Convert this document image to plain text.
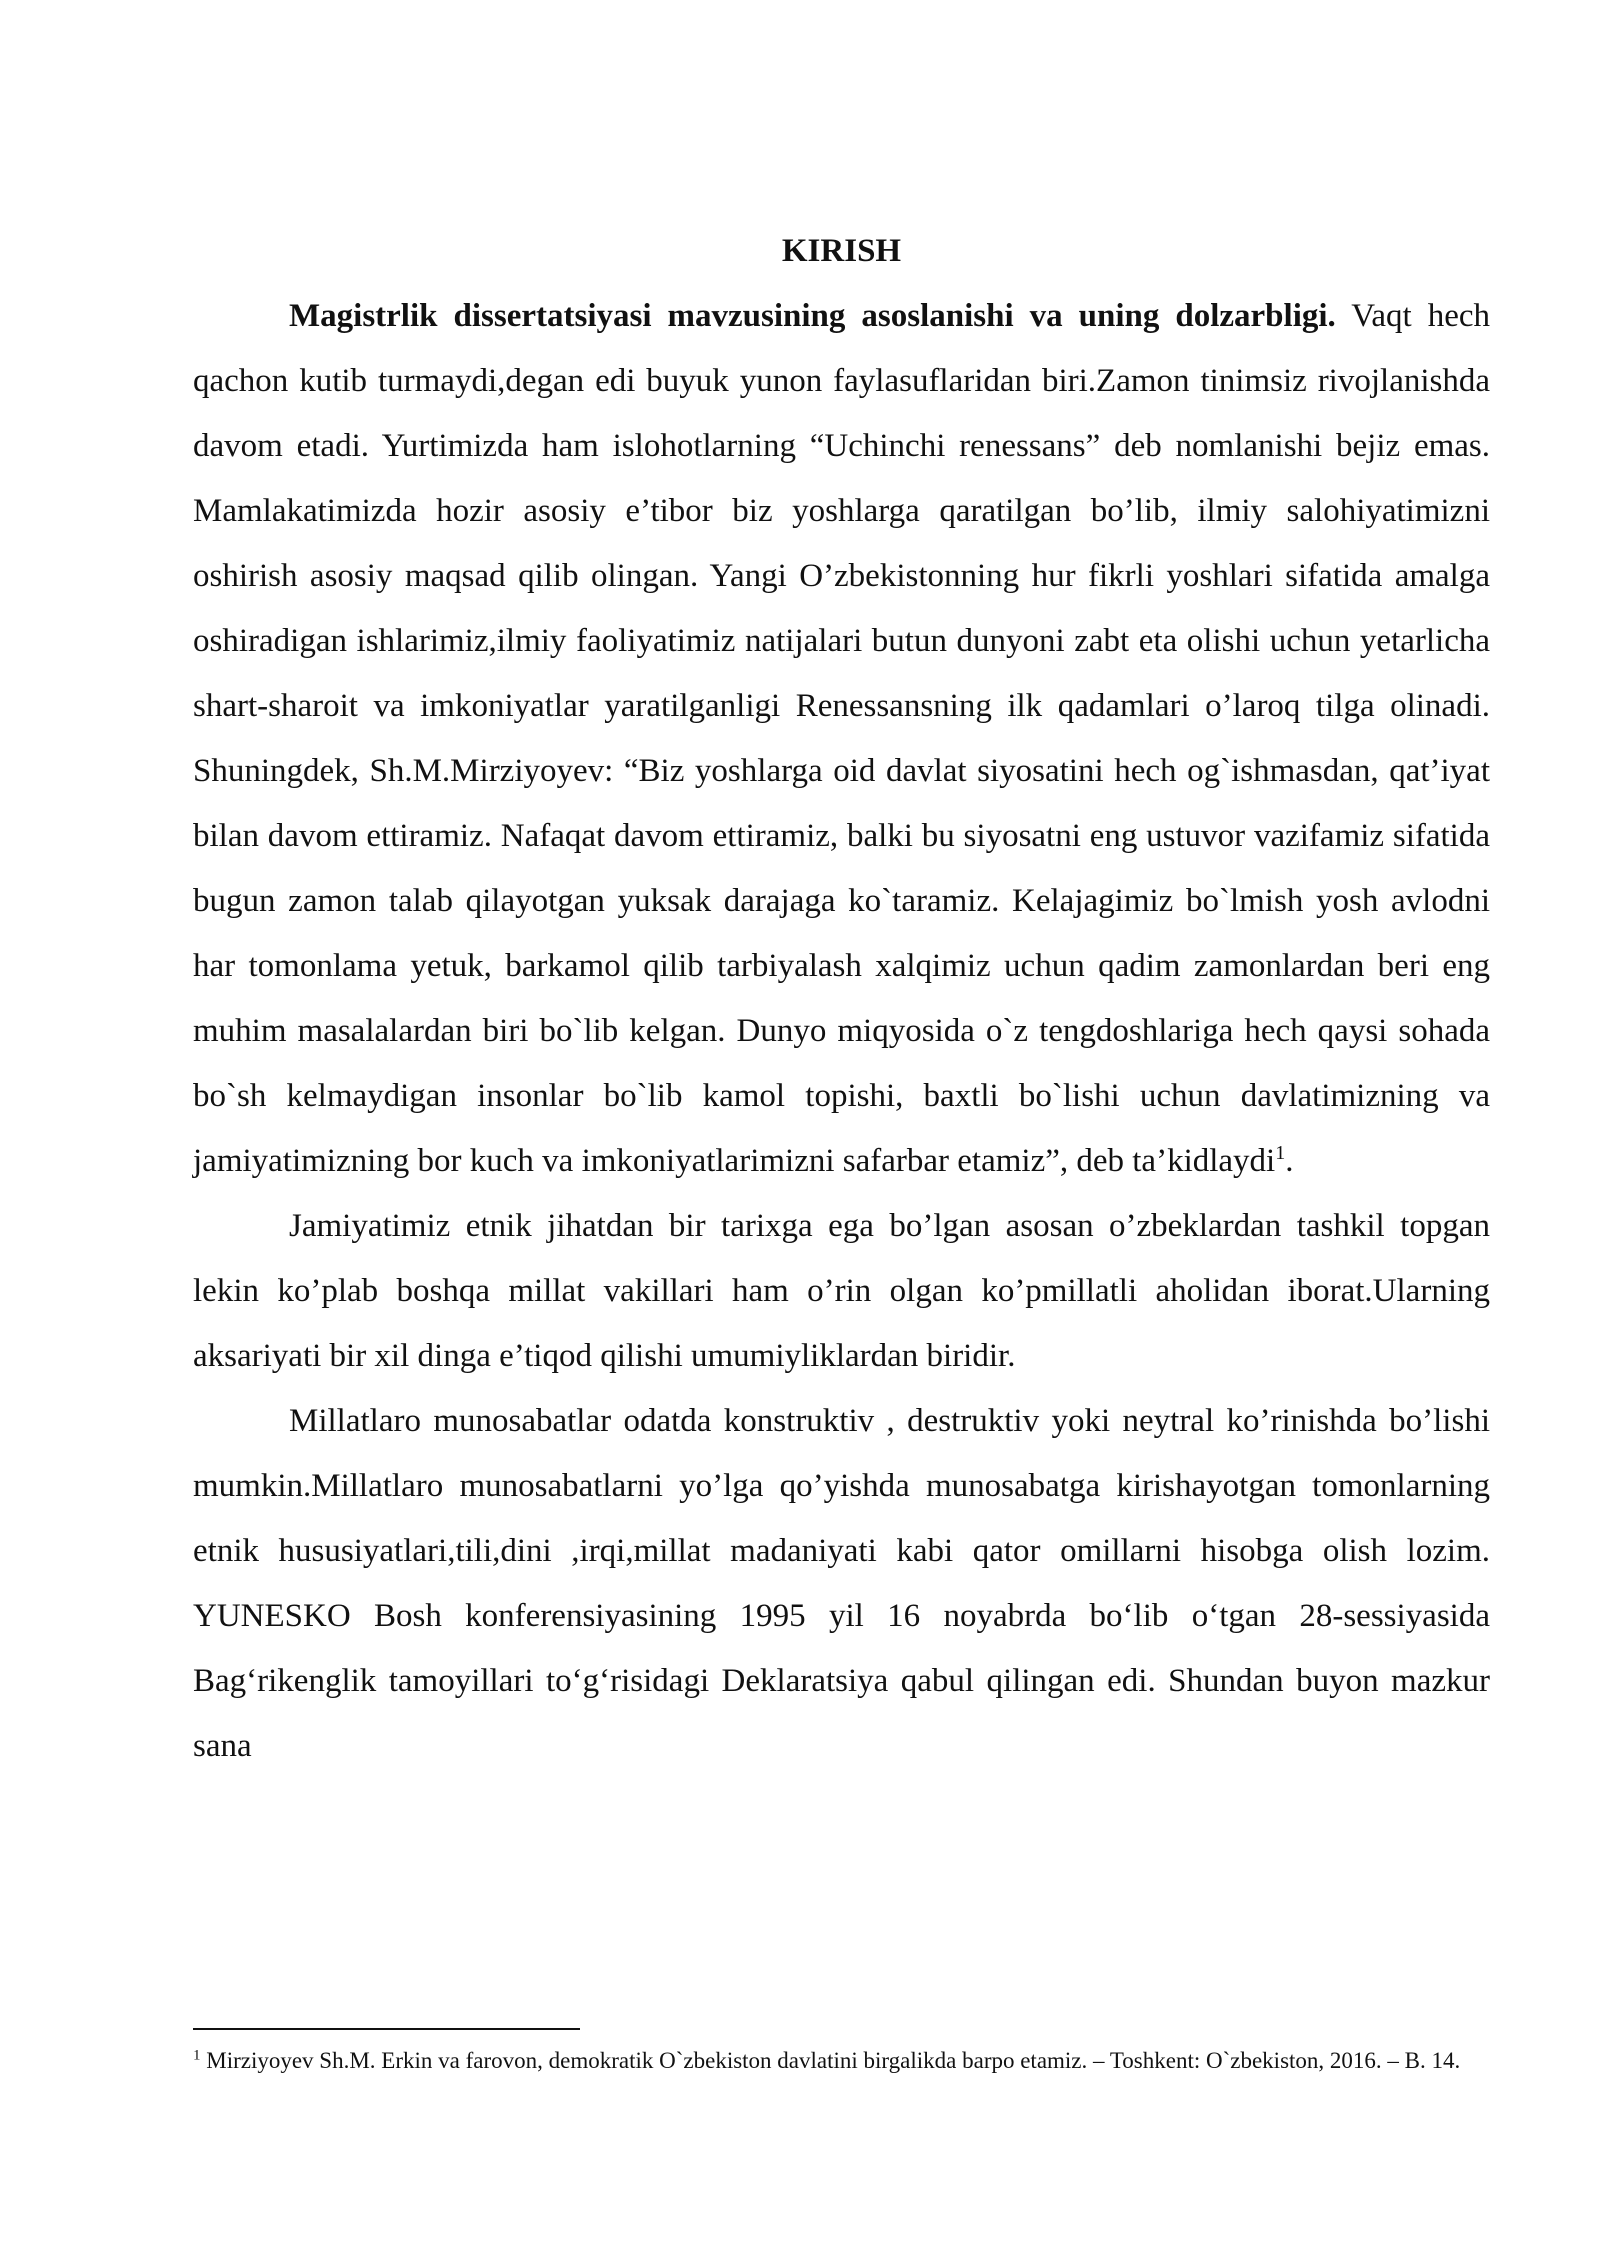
KIRISH

Magistrlik dissertatsiyasi mavzusining asoslanishi va uning dolzarbligi. Vaqt hech qachon kutib turmaydi,degan edi buyuk yunon faylasuflaridan biri.Zamon tinimsiz rivojlanishda davom etadi. Yurtimizda ham islohotlarning “Uchinchi renessans” deb nomlanishi bejiz emas. Mamlakatimizda hozir asosiy e’tibor biz yoshlarga qaratilgan bo’lib, ilmiy salohiyatimizni oshirish asosiy maqsad qilib olingan. Yangi O’zbekistonning hur fikrli yoshlari sifatida amalga oshiradigan ishlarimiz,ilmiy faoliyatimiz natijalari butun dunyoni zabt eta olishi uchun yetarlicha shart-sharoit va imkoniyatlar yaratilganligi Renessansning ilk qadamlari o’laroq tilga olinadi. Shuningdek, Sh.M.Mirziyoyev: “Biz yoshlarga oid davlat siyosatini hech og`ishmasdan, qat’iyat bilan davom ettiramiz. Nafaqat davom ettiramiz, balki bu siyosatni eng ustuvor vazifamiz sifatida bugun zamon talab qilayotgan yuksak darajaga ko`taramiz. Kelajagimiz bo`lmish yosh avlodni har tomonlama yetuk, barkamol qilib tarbiyalash xalqimiz uchun qadim zamonlardan beri eng muhim masalalardan biri bo`lib kelgan. Dunyo miqyosida o`z tengdoshlariga hech qaysi sohada bo`sh kelmaydigan insonlar bo`lib kamol topishi, baxtli bo`lishi uchun davlatimizning va jamiyatimizning bor kuch va imkoniyatlarimizni safarbar etamiz”, deb ta’kidlaydi$^1$.

Jamiyatimiz etnik jihatdan bir tarixga ega bo’lgan asosan o’zbeklardan tashkil topgan lekin ko’plab boshqa millat vakillari ham o’rin olgan ko’pmillatli aholidan iborat.Ularning aksariyati bir xil dinga e’tiqod qilishi umumiyliklardan biridir.

Millatlaro munosabatlar odatda konstruktiv , destruktiv yoki neytral ko’rinishda bo’lishi mumkin.Millatlaro munosabatlarni yo’lga qo’yishda munosabatga kirishayotgan tomonlarning etnik hususiyatlari,tili,dini ,irqi,millat madaniyati kabi qator omillarni hisobga olish lozim. YUNESKO Bosh konferensiyasining 1995 yil 16 noyabrda bo‘lib o‘tgan 28-sessiyasida Bag‘rikenglik tamoyillari to‘g‘risidagi Deklaratsiya qabul qilingan edi. Shundan buyon mazkur sana

$^1$ Mirziyoyev Sh.M. Erkin va farovon, demokratik O`zbekiston davlatini birgalikda barpo etamiz. – Toshkent: O`zbekiston, 2016. – B. 14.
